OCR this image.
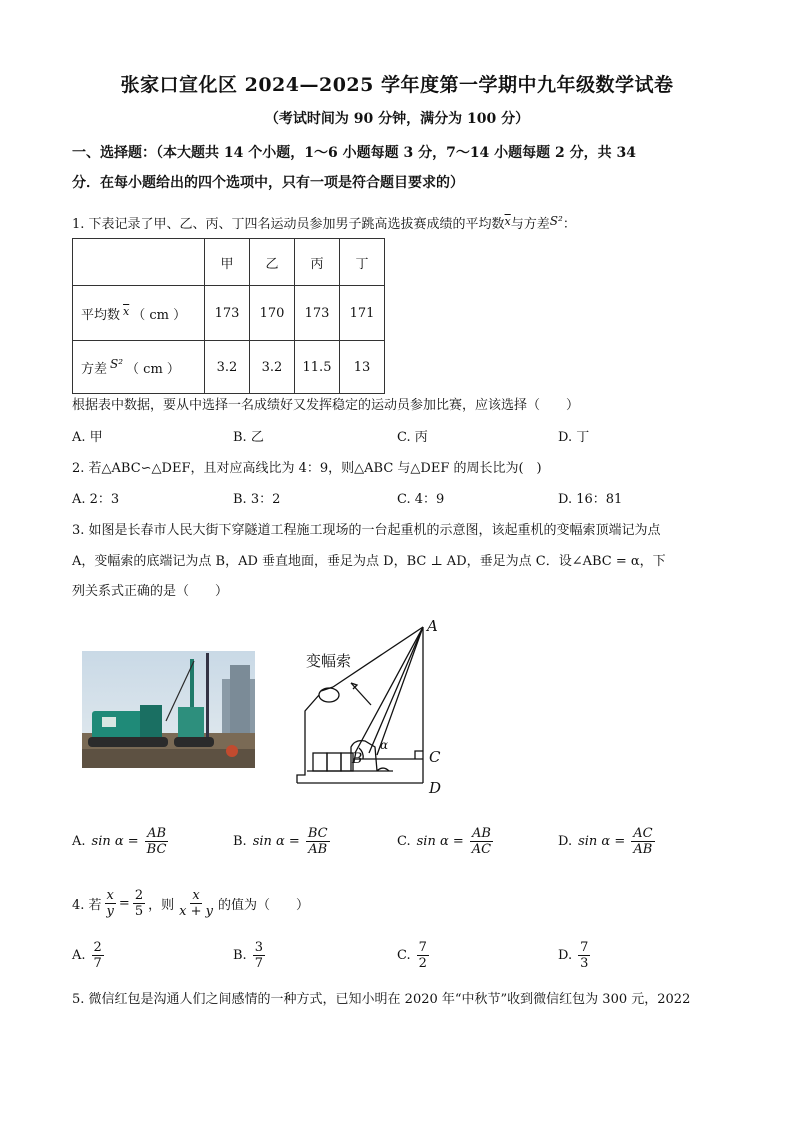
张家口宣化区 2024—2025 学年度第一学期中九年级数学试卷
（考试时间为 90 分钟，满分为 100 分）
一、选择题：（本大题共 14 个小题，1～6 小题每题 3 分，7～14 小题每题 2 分，共 34
分．在每小题给出的四个选项中，只有一项是符合题目要求的）
1. 下表记录了甲、乙、丙、丁四名运动员参加男子跳高选拔赛成绩的平均数$^{\overline{x}}$与方差S²：
	甲	乙	丙	丁
平均数 $^{\overline{x}}$ （ cm ）	173	170	173	171
方差 S² （ cm ）	3.2	3.2	11.5	13
根据表中数据，要从中选择一名成绩好又发挥稳定的运动员参加比赛，应该选择（　　）
A. 甲	B. 乙	C. 丙	D. 丁
2. 若△ABC∽△DEF，且对应高线比为 4：9，则△ABC 与△DEF 的周长比为(　)
A. 2：3	B. 3：2	C. 4：9	D. 16：81
3. 如图是长春市人民大街下穿隧道工程施工现场的一台起重机的示意图，该起重机的变幅索顶端记为点
A，变幅索的底端记为点 B，AD 垂直地面，垂足为点 D，BC ⊥ AD，垂足为点 C．设∠ABC = α，下
列关系式正确的是（　　）
A
变幅索
α
C
B
D
A. $\sin \alpha = \frac{AB}{BC}$	B. $\sin \alpha = \frac{BC}{AB}$	C. $\sin \alpha = \frac{AB}{AC}$	D. $\sin \alpha = \frac{AC}{AB}$
4. 若 $\frac{x}{y} = \frac{2}{5}$ ，则 $\frac{x}{x + y}$ 的值为（　　）
A. $\frac{2}{7}$	B. $\frac{3}{7}$	C. $\frac{7}{2}$	D. $\frac{7}{3}$
5. 微信红包是沟通人们之间感情的一种方式，已知小明在 2020 年“中秋节”收到微信红包为 300 元，2022
